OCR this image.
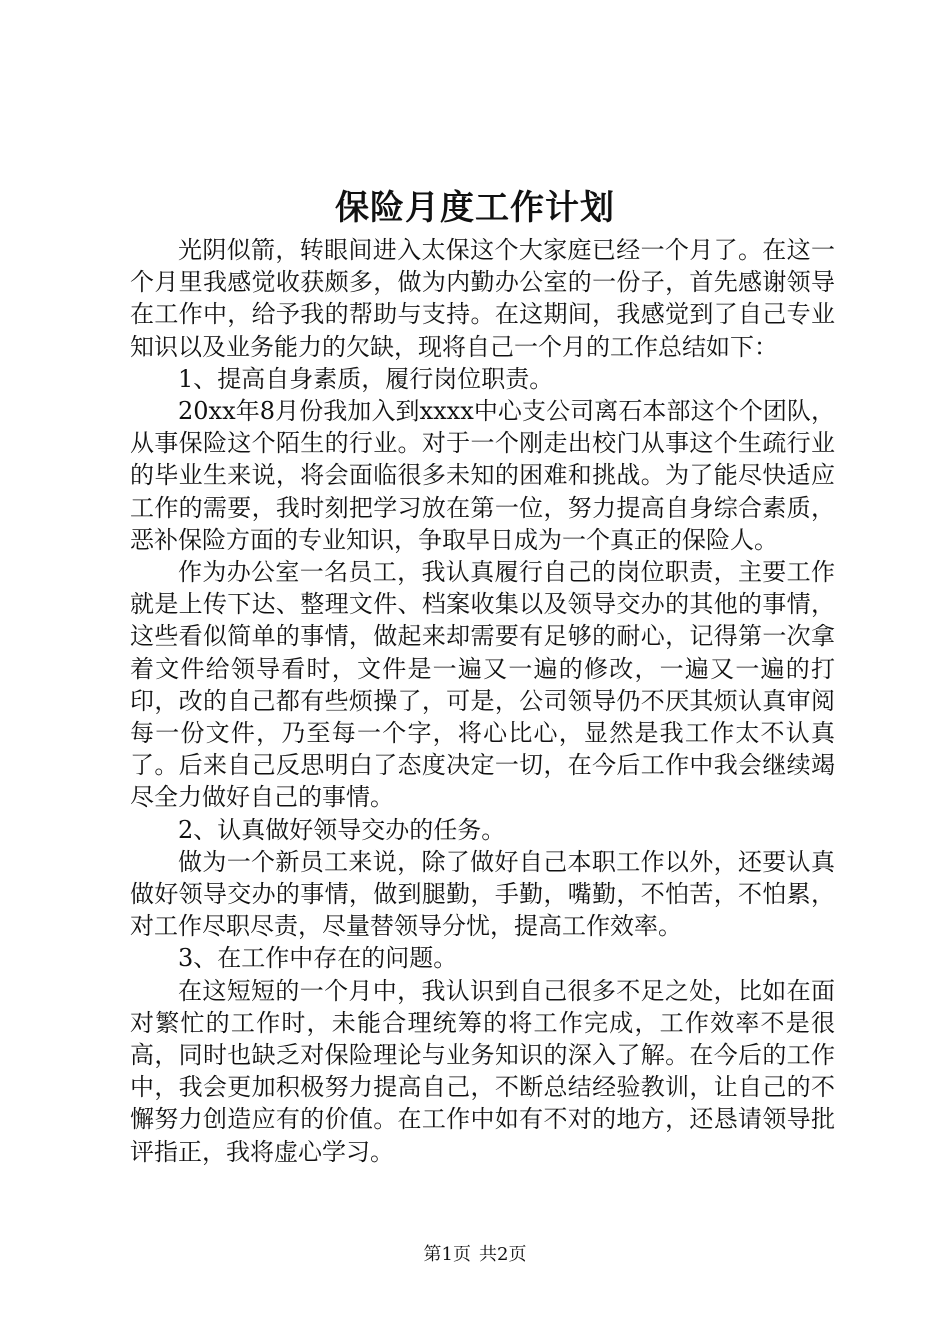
保险月度工作计划

光阴似箭，转眼间进入太保这个大家庭已经一个月了。在这一个月里我感觉收获颇多，做为内勤办公室的一份子，首先感谢领导在工作中，给予我的帮助与支持。在这期间，我感觉到了自己专业知识以及业务能力的欠缺，现将自己一个月的工作总结如下：

1、提高自身素质，履行岗位职责。

20xx年8月份我加入到xxxx中心支公司离石本部这个个团队，从事保险这个陌生的行业。对于一个刚走出校门从事这个生疏行业的毕业生来说，将会面临很多未知的困难和挑战。为了能尽快适应工作的需要，我时刻把学习放在第一位，努力提高自身综合素质，恶补保险方面的专业知识，争取早日成为一个真正的保险人。

作为办公室一名员工，我认真履行自己的岗位职责，主要工作就是上传下达、整理文件、档案收集以及领导交办的其他的事情，这些看似简单的事情，做起来却需要有足够的耐心，记得第一次拿着文件给领导看时，文件是一遍又一遍的修改，一遍又一遍的打印，改的自己都有些烦操了，可是，公司领导仍不厌其烦认真审阅每一份文件，乃至每一个字，将心比心，显然是我工作太不认真了。后来自己反思明白了态度决定一切，在今后工作中我会继续竭尽全力做好自己的事情。

2、认真做好领导交办的任务。

做为一个新员工来说，除了做好自己本职工作以外，还要认真做好领导交办的事情，做到腿勤，手勤，嘴勤，不怕苦，不怕累，对工作尽职尽责，尽量替领导分忧，提高工作效率。

3、在工作中存在的问题。

在这短短的一个月中，我认识到自己很多不足之处，比如在面对繁忙的工作时，未能合理统筹的将工作完成，工作效率不是很高，同时也缺乏对保险理论与业务知识的深入了解。在今后的工作中，我会更加积极努力提高自己，不断总结经验教训，让自己的不懈努力创造应有的价值。在工作中如有不对的地方，还恳请领导批评指正，我将虚心学习。

第1页 共2页
